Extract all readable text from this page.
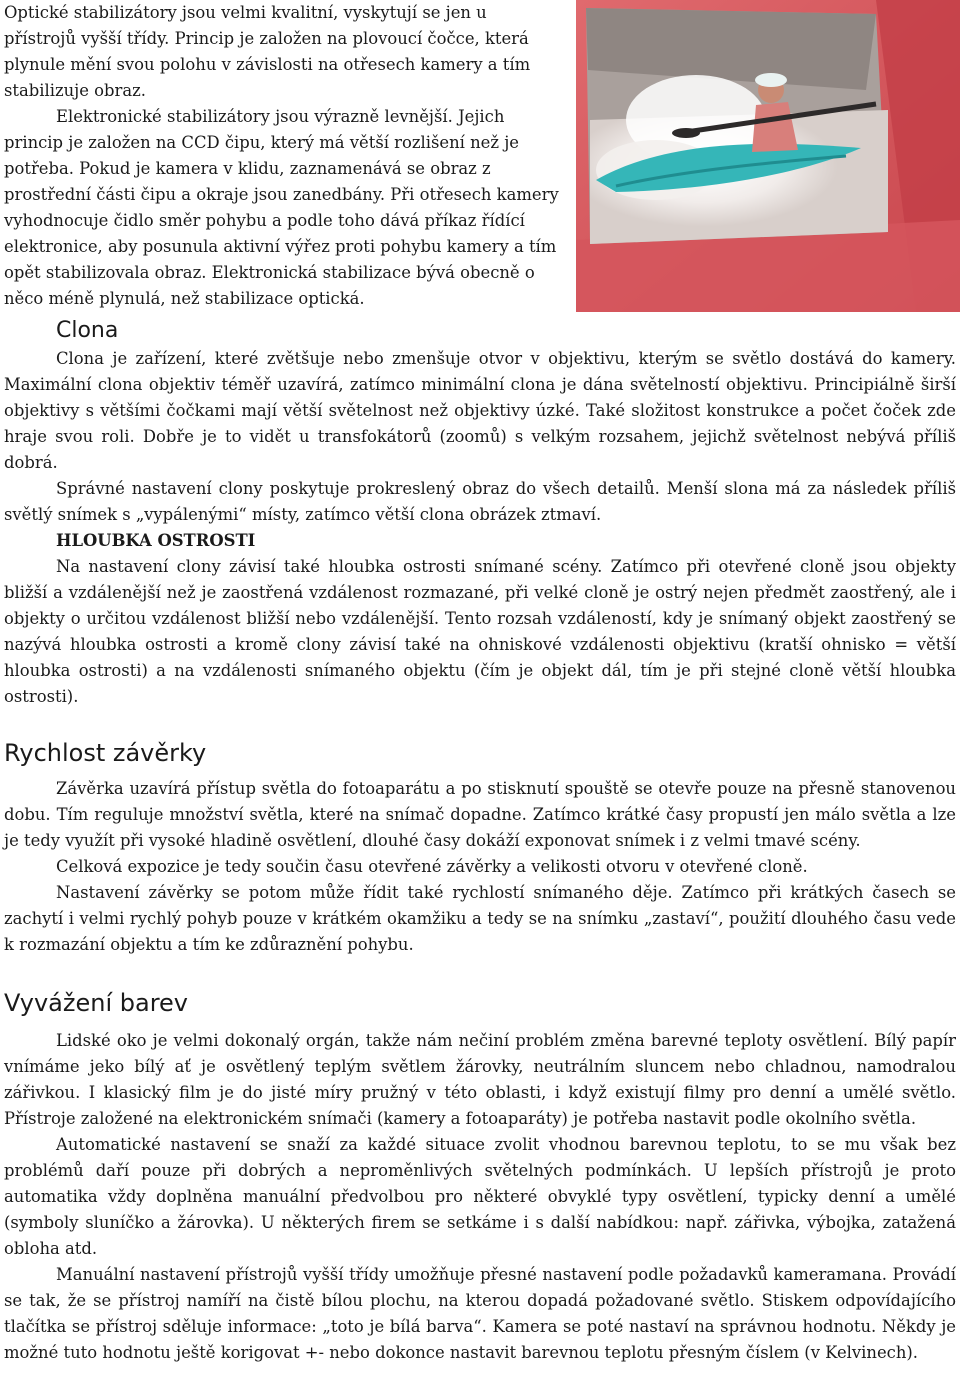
Optické stabilizátory jsou velmi kvalitní, vyskytují se jen u přístrojů vyšší třídy. Princip je založen na plovoucí čočce, která plynule mění svou polohu v závislosti na otřesech kamery a tím stabilizuje obraz.

Elektronické stabilizátory jsou výrazně levnější. Jejich princip je založen na CCD čipu, který má větší rozlišení než je potřeba. Pokud je kamera v klidu, zaznamenává se obraz z prostřední části čipu a okraje jsou zanedbány. Při otřesech kamery vyhodnocuje čidlo směr pohybu a podle toho dává příkaz řídící elektronice, aby posunula aktivní výřez proti pohybu kamery a tím opět stabilizovala obraz. Elektronická stabilizace bývá obecně o něco méně plynulá, než stabilizace optická.

Clona

Clona je zařízení, které zvětšuje nebo zmenšuje otvor v objektivu, kterým se světlo dostává do kamery. Maximální clona objektiv téměř uzavírá, zatímco minimální clona je dána světelností objektivu. Principiálně širší objektivy s většími čočkami mají větší světelnost než objektivy úzké. Také složitost konstrukce a počet čoček zde hraje svou roli. Dobře je to vidět u transfokátorů (zoomů) s velkým rozsahem, jejichž světelnost nebývá příliš dobrá.

Správné nastavení clony poskytuje prokreslený obraz do všech detailů. Menší slona má za následek příliš světlý snímek s „vypálenými“ místy, zatímco větší clona obrázek ztmaví.

HLOUBKA OSTROSTI

Na nastavení clony závisí také hloubka ostrosti snímané scény. Zatímco při otevřené cloně jsou objekty bližší a vzdálenější než je zaostřená vzdálenost rozmazané, při velké cloně je ostrý nejen předmět zaostřený, ale i objekty o určitou vzdálenost bližší nebo vzdálenější. Tento rozsah vzdáleností, kdy je snímaný objekt zaostřený se nazývá hloubka ostrosti a kromě clony závisí také na ohniskové vzdálenosti objektivu (kratší ohnisko = větší hloubka ostrosti) a na vzdálenosti snímaného objektu (čím je objekt dál, tím je při stejné cloně větší hloubka ostrosti).

Rychlost závěrky

Závěrka uzavírá přístup světla do fotoaparátu a po stisknutí spouště se otevře pouze na přesně stanovenou dobu. Tím reguluje množství světla, které na snímač dopadne. Zatímco krátké časy propustí jen málo světla a lze je tedy využít při vysoké hladině osvětlení, dlouhé časy dokáží exponovat snímek i z velmi tmavé scény.

Celková expozice je tedy součin času otevřené závěrky a velikosti otvoru v otevřené cloně.

Nastavení závěrky se potom může řídit také rychlostí snímaného děje. Zatímco při krátkých časech se zachytí i velmi rychlý pohyb pouze v krátkém okamžiku a tedy se na snímku „zastaví“, použití dlouhého času vede k rozmazání objektu a tím ke zdůraznění pohybu.

Vyvážení barev

Lidské oko je velmi dokonalý orgán, takže nám nečiní problém změna barevné teploty osvětlení. Bílý papír vnímáme jeko bílý ať je osvětlený teplým světlem žárovky, neutrálním sluncem nebo chladnou, namodralou zářivkou. I klasický film je do jisté míry pružný v této oblasti, i když existují filmy pro denní a umělé světlo. Přístroje založené na elektronickém snímači (kamery a fotoaparáty) je potřeba nastavit podle okolního světla.

Automatické nastavení se snaží za každé situace zvolit vhodnou barevnou teplotu, to se mu však bez problémů daří pouze při dobrých a neproměnlivých světelných podmínkách. U lepších přístrojů je proto automatika vždy doplněna manuální předvolbou pro některé obvyklé typy osvětlení, typicky denní a umělé (symboly sluníčko a žárovka). U některých firem se setkáme i s další nabídkou: např. zářivka, výbojka, zatažená obloha atd.

Manuální nastavení přístrojů vyšší třídy umožňuje přesné nastavení podle požadavků kameramana. Provádí se tak, že se přístroj namíří na čistě bílou plochu, na kterou dopadá požadované světlo. Stiskem odpovídajícího tlačítka se přístroj sděluje informace: „toto je bílá barva“. Kamera se poté nastaví na správnou hodnotu. Někdy je možné tuto hodnotu ještě korigovat +- nebo dokonce nastavit barevnou teplotu přesným číslem (v Kelvinech).
